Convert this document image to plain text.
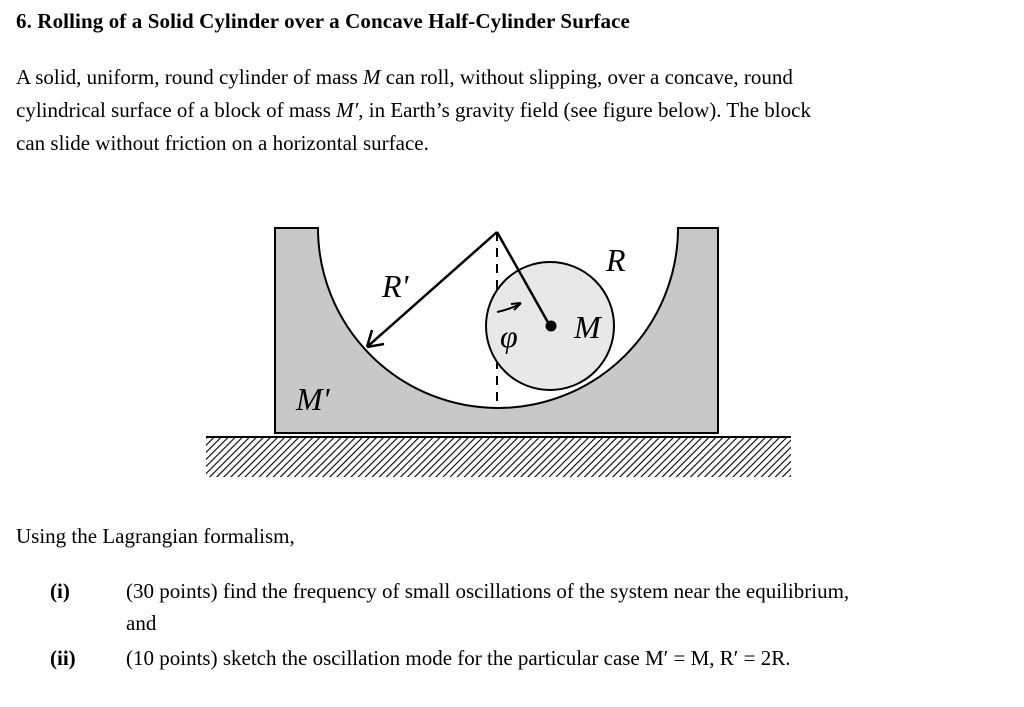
6. Rolling of a Solid Cylinder over a Concave Half-Cylinder Surface
A solid, uniform, round cylinder of mass M can roll, without slipping, over a concave, round
cylindrical surface of a block of mass M′, in Earth’s gravity field (see figure below). The block
can slide without friction on a horizontal surface.
R'
R
M
φ
M'
Using the Lagrangian formalism,
(i)	(30 points) find the frequency of small oscillations of the system near the equilibrium,
and
(ii) (10 points) sketch the oscillation mode for the particular case M′ = M, R′ = 2R.
